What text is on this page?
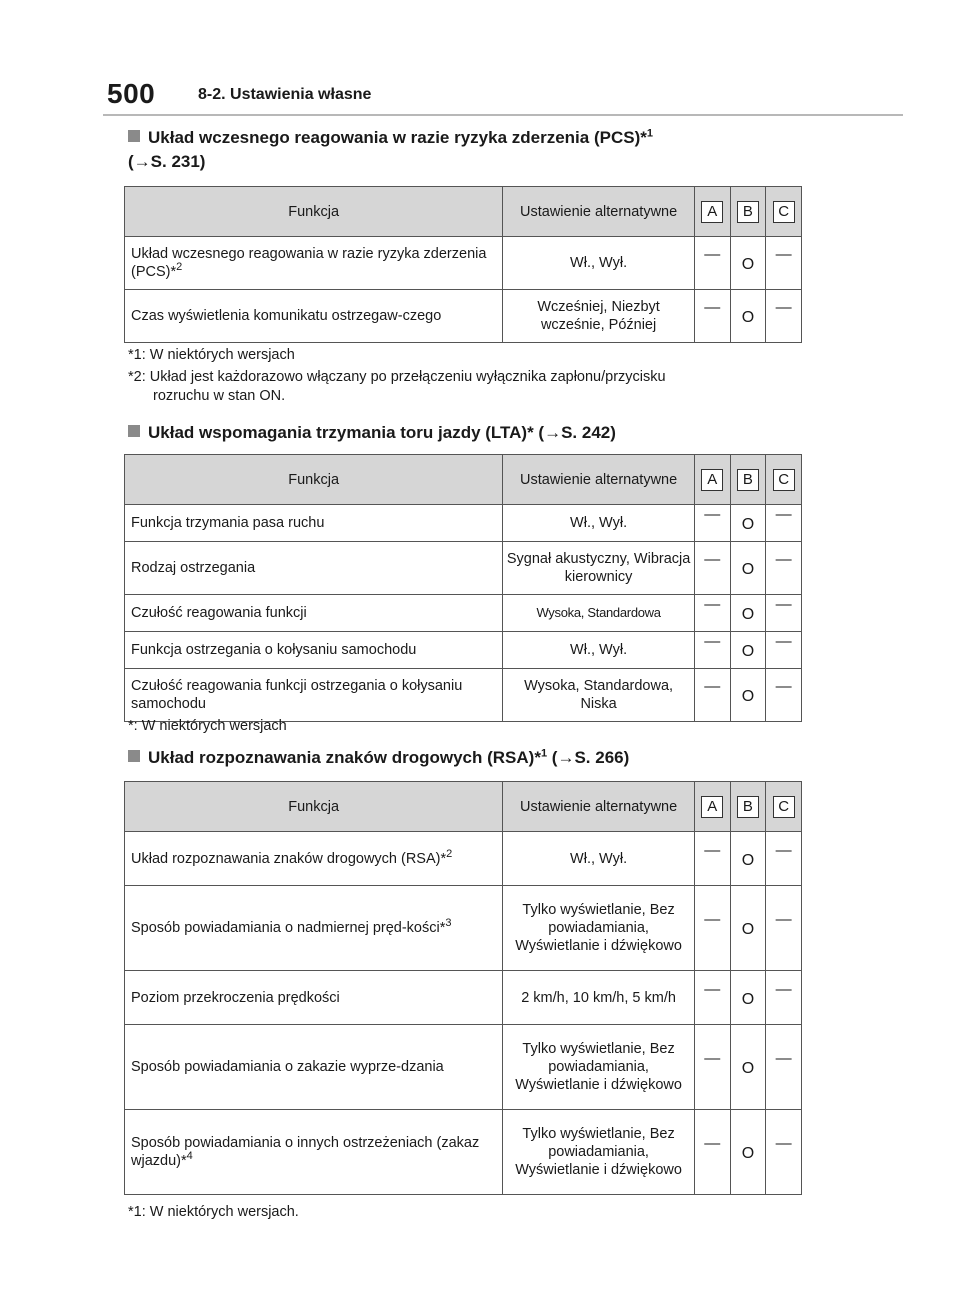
500	8-2. Ustawienia własne
Układ wczesnego reagowania w razie ryzyka zderzenia (PCS)*$^1$
(→S. 231)
Funkcja	Ustawienie alternatywne	A	B	C
Układ wczesnego reagowania w razie ryzyka zderzenia (PCS)*$^2$	Wł., Wył.	—	O	—
Czas wyświetlenia komunikatu ostrzegaw-czego	Wcześniej, Niezbyt wcześnie, Później	—	O	—
*1: W niektórych wersjach
*2: Układ jest każdorazowo włączany po przełączeniu wyłącznika zapłonu/przycisku
rozruchu w stan ON.
Układ wspomagania trzymania toru jazdy (LTA)* (→S. 242)
Funkcja	Ustawienie alternatywne	A	B	C
Funkcja trzymania pasa ruchu	Wł., Wył.	—	O	—
Rodzaj ostrzegania	Sygnał akustyczny, Wibracja kierownicy	—	O	—
Czułość reagowania funkcji	Wysoka, Standardowa	—	O	—
Funkcja ostrzegania o kołysaniu samochodu	Wł., Wył.	—	O	—
Czułość reagowania funkcji ostrzegania o kołysaniu samochodu	Wysoka, Standardowa, Niska	—	O	—
*: W niektórych wersjach
Układ rozpoznawania znaków drogowych (RSA)*$^1$ (→S. 266)
Funkcja	Ustawienie alternatywne	A	B	C
Układ rozpoznawania znaków drogowych (RSA)*$^2$	Wł., Wył.	—	O	—
Sposób powiadamiania o nadmiernej pręd-kości*$^3$	Tylko wyświetlanie, Bez powiadamiania, Wyświetlanie i dźwiękowo	—	O	—
Poziom przekroczenia prędkości	2 km/h, 10 km/h, 5 km/h	—	O	—
Sposób powiadamiania o zakazie wyprze-dzania	Tylko wyświetlanie, Bez powiadamiania, Wyświetlanie i dźwiękowo	—	O	—
Sposób powiadamiania o innych ostrzeżeniach (zakaz wjazdu)*$^4$	Tylko wyświetlanie, Bez powiadamiania, Wyświetlanie i dźwiękowo	—	O	—
*1: W niektórych wersjach.
